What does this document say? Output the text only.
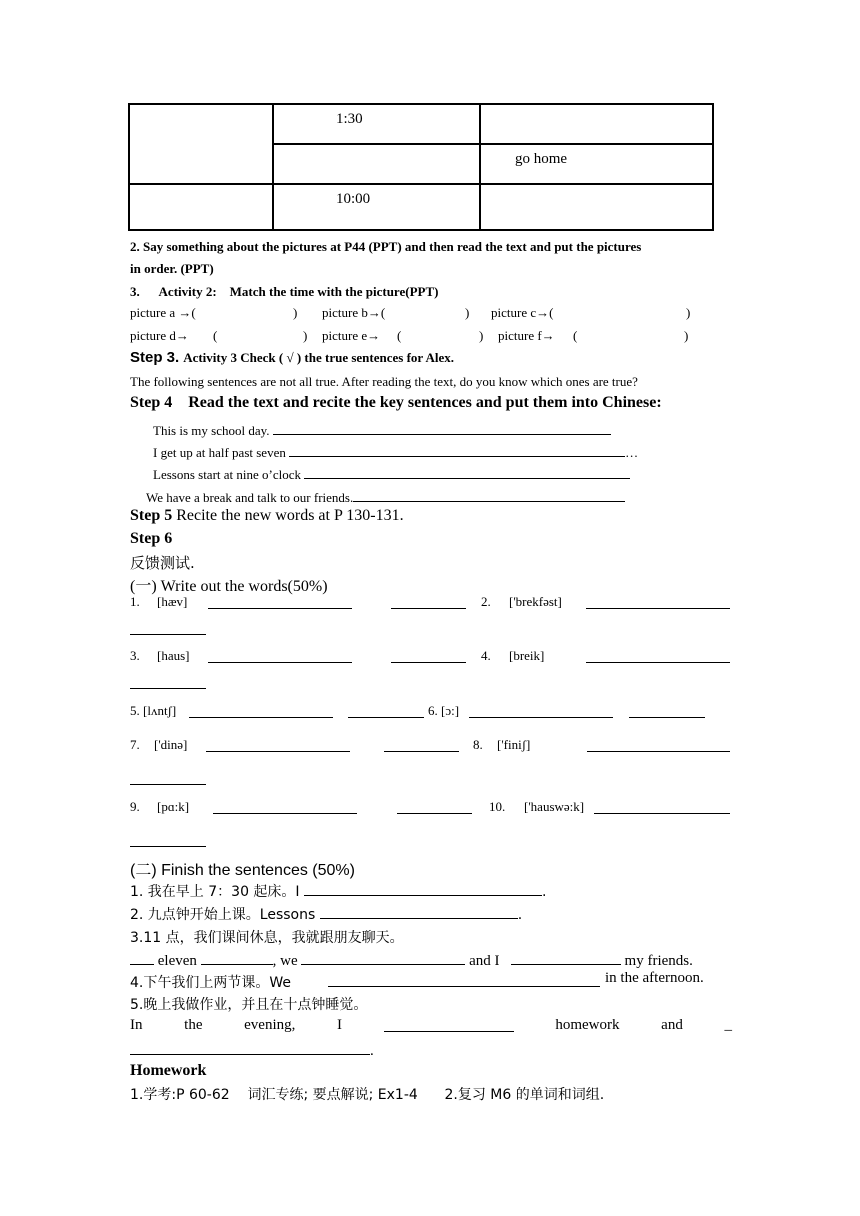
	1:30	

		go home

	10:00	

2. Say something about the pictures at P44 (PPT) and then read the text and put the pictures
in order. (PPT)
3.      Activity 2:    Match the time with the picture(PPT)
picture a →(	) picture b→(	) picture c→(	)
picture d→ (	) picture e→ (	) picture f→ (	)
Step 3. Activity 3 Check ( √ ) the true sentences for Alex.
The following sentences are not all true. After reading the text, do you know which ones are true?
Step 4    Read the text and recite the key sentences and put them into Chinese:
This is my school day.
I get up at half past seven	…
Lessons start at nine o’clock
We have a break and talk to our friends.
Step 5 Recite the new words at P 130-131.
Step 6
反馈测试.
(一) Write out the words(50%)
1. [hæv]	2. ['brekfəst]
3. [haus]	4. [breik]
5. [lʌntʃ]	6. [ɔ:]
7. ['dinə]	8. ['finiʃ]
9. [pɑ:k]	10. ['hauswə:k]
(二) Finish the sentences (50%)
1. 我在早上 7：30 起床。I	.
2. 九点钟开始上课。Lessons	.
3.11 点，我们课间休息，我就跟朋友聊天。
eleven	, we	and I	my friends.
4.下午我们上两节课。We	in the afternoon.
5.晚上我做作业，并且在十点钟睡觉。
In	the	evening,	I	homework	and	_
.
Homework
1.学考:P 60-62    词汇专练; 要点解说; Ex1-4      2.复习 M6 的单词和词组.
